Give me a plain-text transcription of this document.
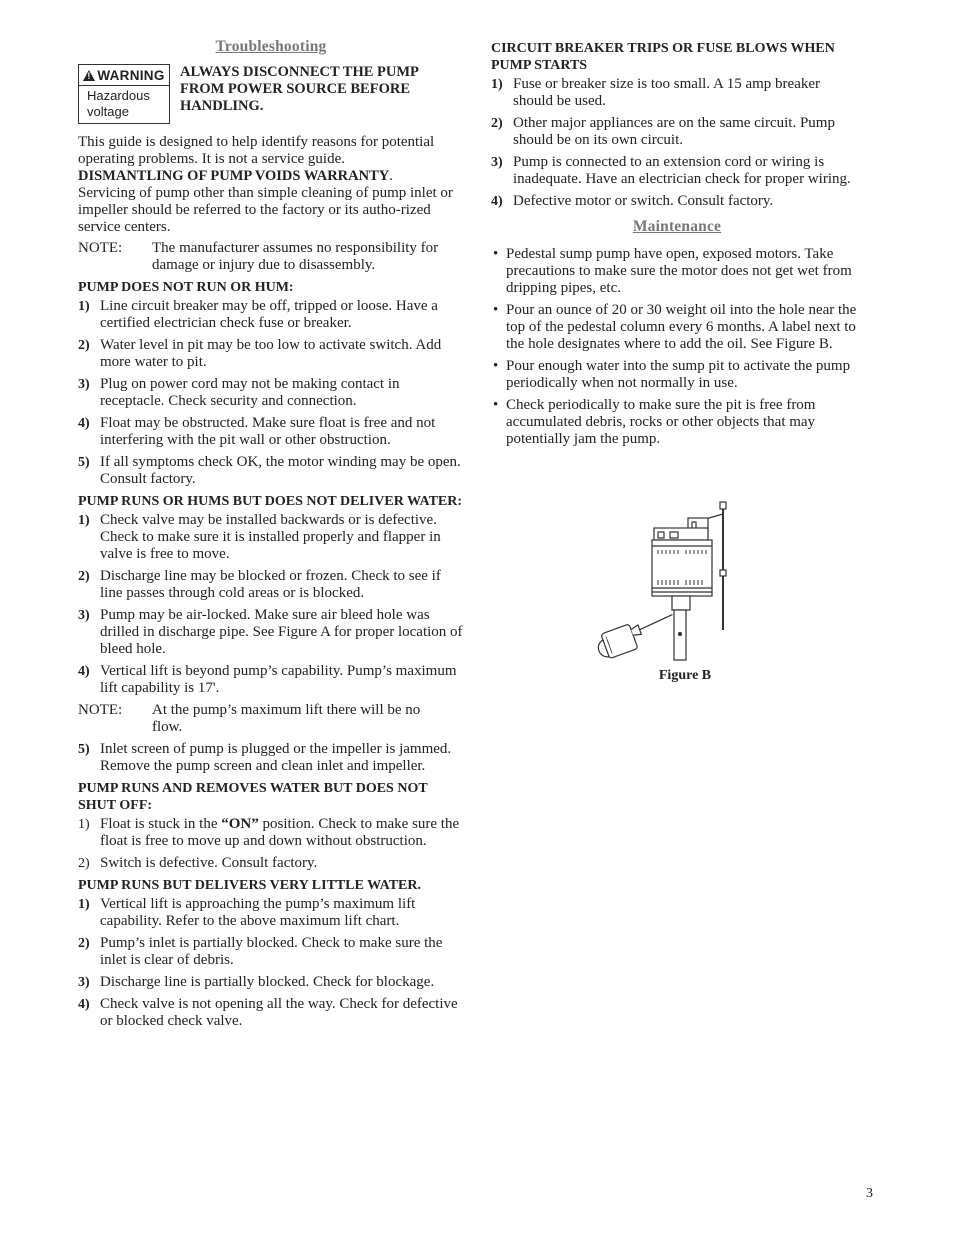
Troubleshooting
!
WARNING
Hazardous voltage
ALWAYS DISCONNECT THE PUMP FROM POWER SOURCE BEFORE HANDLING.

This guide is designed to help identify reasons for potential operating problems. It is not a service guide.

DISMANTLING OF PUMP VOIDS WARRANTY.

Servicing of pump other than simple cleaning of pump inlet or impeller should be referred to the factory or its autho-rized service centers.

NOTE:	The manufacturer assumes no responsibility for damage or injury due to disassembly.
PUMP DOES NOT RUN OR HUM:
1) Line circuit breaker may be off, tripped or loose. Have a certified electrician check fuse or breaker.
2) Water level in pit may be too low to activate switch. Add more water to pit.
3) Plug on power cord may not be making contact in receptacle. Check security and connection.
4) Float may be obstructed. Make sure float is free and not interfering with the pit wall or other obstruction.
5) If all symptoms check OK, the motor winding may be open. Consult factory.
PUMP RUNS OR HUMS BUT DOES NOT DELIVER WATER:
1) Check valve may be installed backwards or is defective. Check to make sure it is installed properly and flapper in valve is free to move.
2) Discharge line may be blocked or frozen. Check to see if line passes through cold areas or is blocked.
3) Pump may be air-locked. Make sure air bleed hole was drilled in discharge pipe. See Figure A for proper location of bleed hole.
4) Vertical lift is beyond pump’s capability. Pump’s maximum lift capability is 17'.
NOTE:	At the pump’s maximum lift there will be no flow.
5) Inlet screen of pump is plugged or the impeller is jammed. Remove the pump screen and clean inlet and impeller.
PUMP RUNS AND REMOVES WATER BUT DOES NOT SHUT OFF:
1) Float is stuck in the “ON” position. Check to make sure the float is free to move up and down without obstruction.
2) Switch is defective. Consult factory.
PUMP RUNS BUT DELIVERS VERY LITTLE WATER.
1) Vertical lift is approaching the pump’s maximum lift capability. Refer to the above maximum lift chart.
2) Pump’s inlet is partially blocked. Check to make sure the inlet is clear of debris.
3) Discharge line is partially blocked. Check for blockage.
4) Check valve is not opening all the way. Check for defective or blocked check valve.
CIRCUIT BREAKER TRIPS OR FUSE BLOWS WHEN PUMP STARTS
1) Fuse or breaker size is too small. A 15 amp breaker should be used.
2) Other major appliances are on the same circuit. Pump should be on its own circuit.
3) Pump is connected to an extension cord or wiring is inadequate. Have an electrician check for proper wiring.
4) Defective motor or switch. Consult factory.
Maintenance
• Pedestal sump pump have open, exposed motors. Take precautions to make sure the motor does not get wet from dripping pipes, etc.
• Pour an ounce of 20 or 30 weight oil into the hole near the top of the pedestal column every 6 months. A label next to the hole designates where to add the oil. See Figure B.
• Pour enough water into the sump pit to activate the pump periodically when not normally in use.
• Check periodically to make sure the pit is free from accumulated debris, rocks or other objects that may potentially jam the pump.
Figure B
3
